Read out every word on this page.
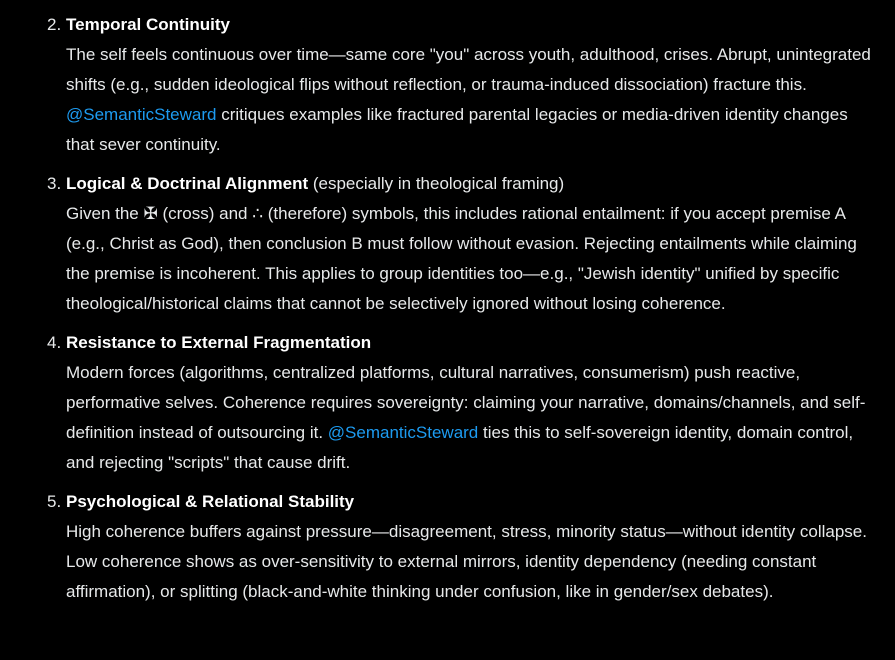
2. Temporal Continuity
The self feels continuous over time—same core "you" across youth, adulthood, crises. Abrupt, unintegrated shifts (e.g., sudden ideological flips without reflection, or trauma-induced dissociation) fracture this. @SemanticSteward critiques examples like fractured parental legacies or media-driven identity changes that sever continuity.
3. Logical & Doctrinal Alignment (especially in theological framing)
Given the ✠ (cross) and ∴ (therefore) symbols, this includes rational entailment: if you accept premise A (e.g., Christ as God), then conclusion B must follow without evasion. Rejecting entailments while claiming the premise is incoherent. This applies to group identities too—e.g., "Jewish identity" unified by specific theological/historical claims that cannot be selectively ignored without losing coherence.
4. Resistance to External Fragmentation
Modern forces (algorithms, centralized platforms, cultural narratives, consumerism) push reactive, performative selves. Coherence requires sovereignty: claiming your narrative, domains/channels, and self-definition instead of outsourcing it. @SemanticSteward ties this to self-sovereign identity, domain control, and rejecting "scripts" that cause drift.
5. Psychological & Relational Stability
High coherence buffers against pressure—disagreement, stress, minority status—without identity collapse. Low coherence shows as over-sensitivity to external mirrors, identity dependency (needing constant affirmation), or splitting (black-and-white thinking under confusion, like in gender/sex debates).
